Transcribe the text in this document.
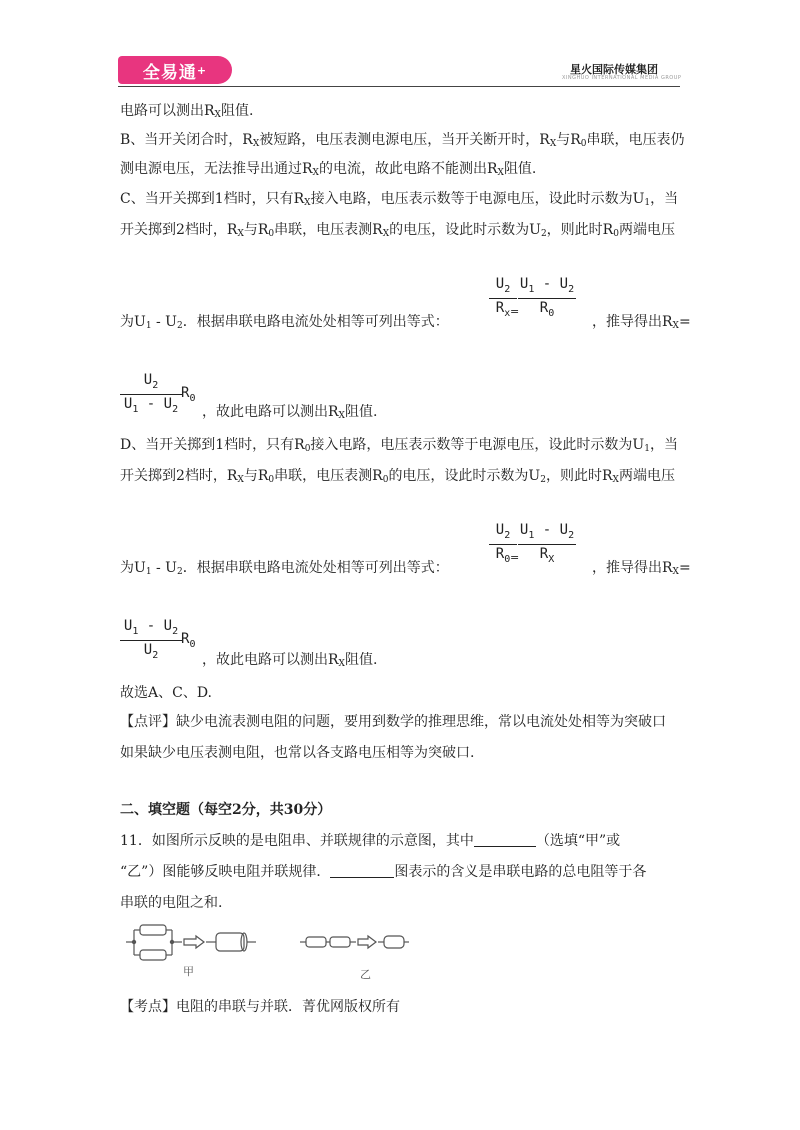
全易通 +	星火国际传媒集团
XINGHUO INTERNATIONAL MEDIA GROUP
电路可以测出$R_X$阻值.
B、当开关闭合时，$R_X$被短路，电压表测电源电压，当开关断开时，$R_X$与$R_0$串联，电压表仍
测电源电压，无法推导出通过$R_X$的电流，故此电路不能测出$R_X$阻值.
C、当开关掷到1档时，只有$R_X$接入电路，电压表示数等于电源电压，设此时示数为$U_1$，当
开关掷到2档时，$R_X$与$R_0$串联，电压表测$R_X$的电压，设此时示数为$U_2$，则此时$R_0$两端电压
为$U_1 - U_2$．根据串联电路电流处处相等可列出等式：
$U_2$
$R_x$ =
$U_1 - U_2$
$R_0$
，推导得出$R_X=$
$U_2$
$U_1 - U_2$
$R_0$
，故此电路可以测出$R_X$阻值.
D、当开关掷到1档时，只有$R_0$接入电路，电压表示数等于电源电压，设此时示数为$U_1$，当
开关掷到2档时，$R_X$与$R_0$串联，电压表测$R_0$的电压，设此时示数为$U_2$，则此时$R_X$两端电压
为$U_1 - U_2$．根据串联电路电流处处相等可列出等式：
$U_2$
$R_0$ =
$U_1 - U_2$
$R_X$
，推导得出$R_X=$
$U_1 - U_2$
$U_2$
$R_0$
，故此电路可以测出$R_X$阻值.
故选A、C、D.
【点评】缺少电流表测电阻的问题，要用到数学的推理思维，常以电流处处相等为突破口
如果缺少电压表测电阻，也常以各支路电压相等为突破口.
二、填空题（每空2分，共30分）
11．如图所示反映的是电阻串、并联规律的示意图，其中	（选填“甲”或
“乙”）图能够反映电阻并联规律．	图表示的含义是串联电路的总电阻等于各
串联的电阻之和.
甲	乙
【考点】电阻的串联与并联．菁优网版权所有
